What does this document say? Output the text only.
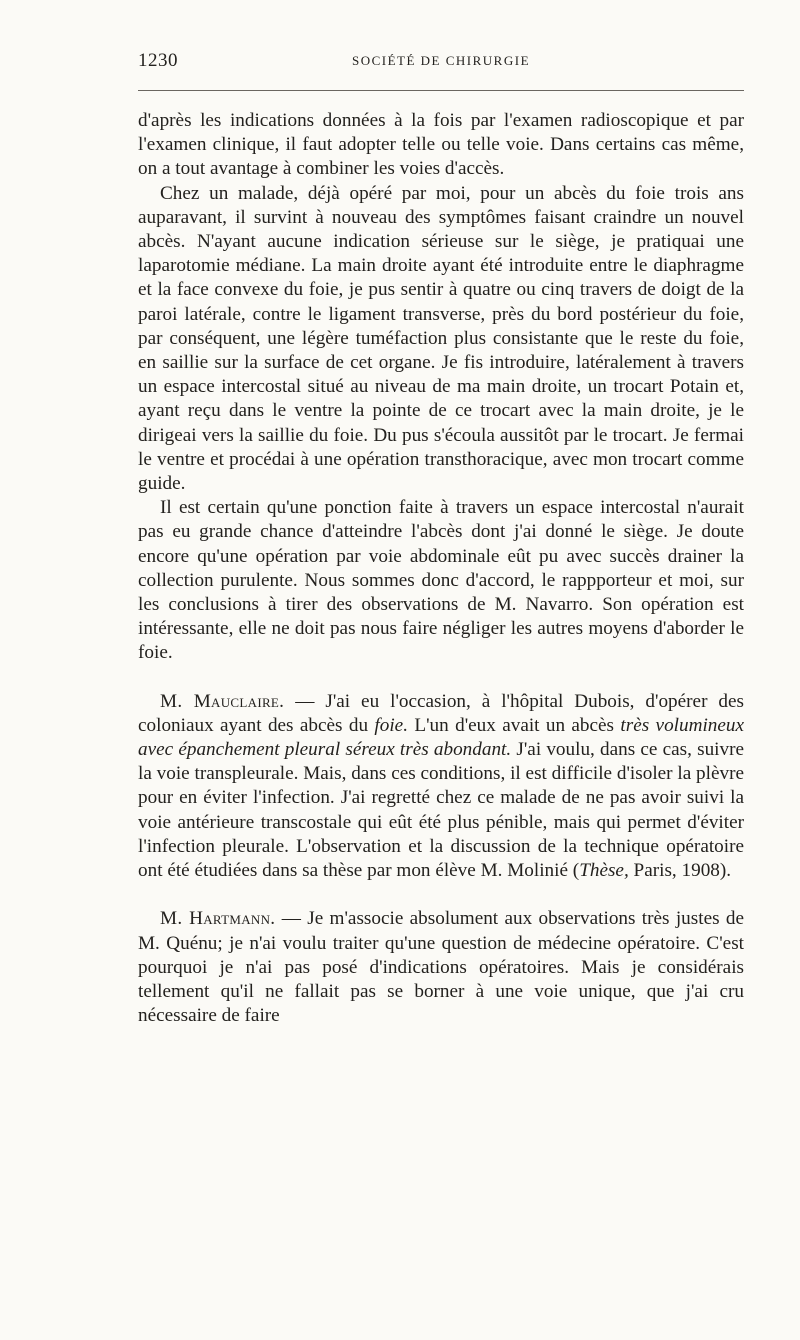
1230	SOCIÉTÉ DE CHIRURGIE

d'après les indications données à la fois par l'examen radioscopique et par l'examen clinique, il faut adopter telle ou telle voie. Dans certains cas même, on a tout avantage à combiner les voies d'accès.

Chez un malade, déjà opéré par moi, pour un abcès du foie trois ans auparavant, il survint à nouveau des symptômes faisant craindre un nouvel abcès. N'ayant aucune indication sérieuse sur le siège, je pratiquai une laparotomie médiane. La main droite ayant été introduite entre le diaphragme et la face convexe du foie, je pus sentir à quatre ou cinq travers de doigt de la paroi latérale, contre le ligament transverse, près du bord postérieur du foie, par conséquent, une légère tuméfaction plus consistante que le reste du foie, en saillie sur la surface de cet organe. Je fis introduire, latéralement à travers un espace intercostal situé au niveau de ma main droite, un trocart Potain et, ayant reçu dans le ventre la pointe de ce trocart avec la main droite, je le dirigeai vers la saillie du foie. Du pus s'écoula aussitôt par le trocart. Je fermai le ventre et procédai à une opération transthoracique, avec mon trocart comme guide.

Il est certain qu'une ponction faite à travers un espace intercostal n'aurait pas eu grande chance d'atteindre l'abcès dont j'ai donné le siège. Je doute encore qu'une opération par voie abdominale eût pu avec succès drainer la collection purulente. Nous sommes donc d'accord, le rappporteur et moi, sur les conclusions à tirer des observations de M. Navarro. Son opération est intéressante, elle ne doit pas nous faire négliger les autres moyens d'aborder le foie.

M. Mauclaire. — J'ai eu l'occasion, à l'hôpital Dubois, d'opérer des coloniaux ayant des abcès du foie. L'un d'eux avait un abcès très volumineux avec épanchement pleural séreux très abondant. J'ai voulu, dans ce cas, suivre la voie transpleurale. Mais, dans ces conditions, il est difficile d'isoler la plèvre pour en éviter l'infection. J'ai regretté chez ce malade de ne pas avoir suivi la voie antérieure transcostale qui eût été plus pénible, mais qui permet d'éviter l'infection pleurale. L'observation et la discussion de la technique opératoire ont été étudiées dans sa thèse par mon élève M. Molinié (Thèse, Paris, 1908).

M. Hartmann. — Je m'associe absolument aux observations très justes de M. Quénu; je n'ai voulu traiter qu'une question de médecine opératoire. C'est pourquoi je n'ai pas posé d'indications opératoires. Mais je considérais tellement qu'il ne fallait pas se borner à une voie unique, que j'ai cru nécessaire de faire
